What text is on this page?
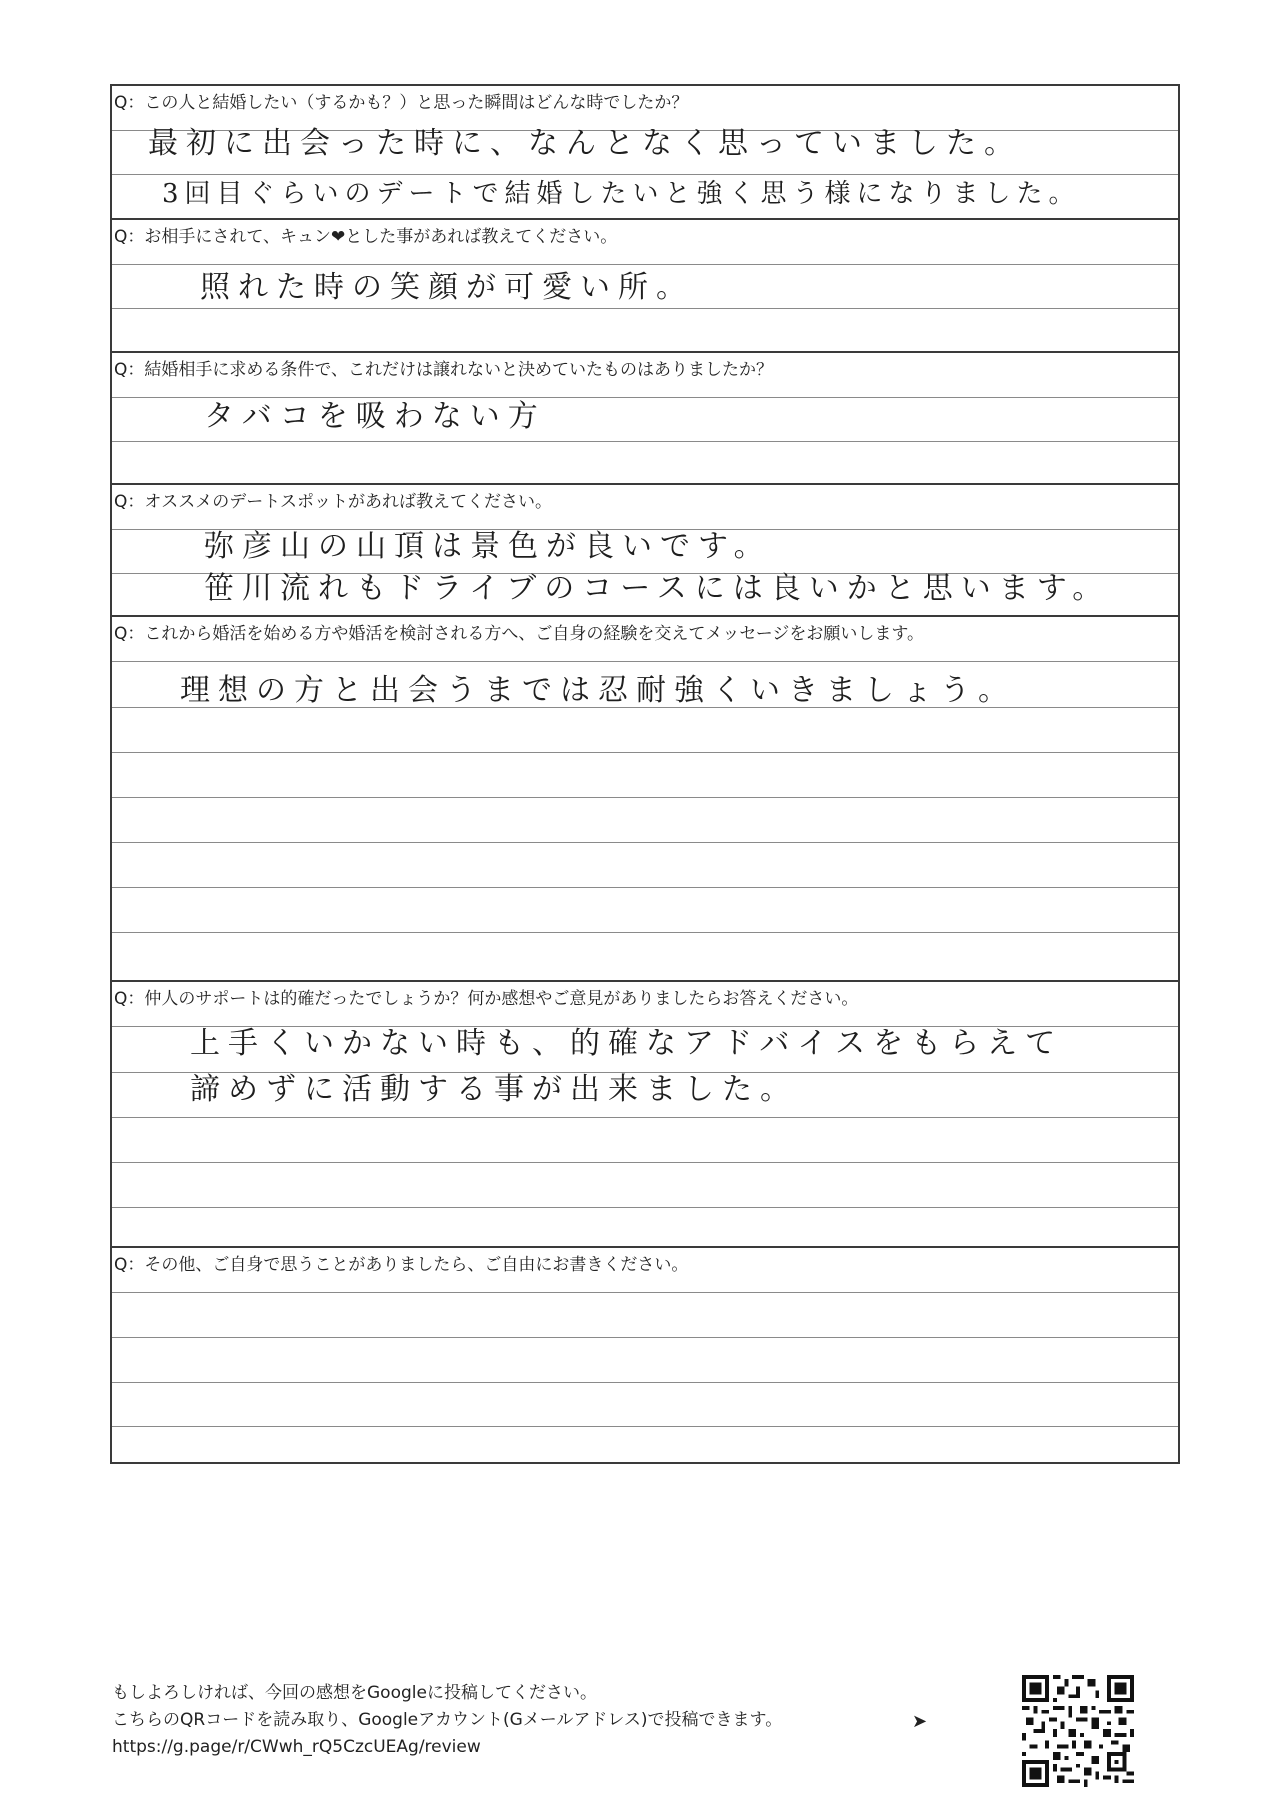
Q：この人と結婚したい（するかも？）と思った瞬間はどんな時でしたか？
最初に出会った時に、なんとなく思っていました。
3回目ぐらいのデートで結婚したいと強く思う様になりました。
Q：お相手にされて、キュン❤とした事があれば教えてください。
照れた時の笑顔が可愛い所。
Q：結婚相手に求める条件で、これだけは譲れないと決めていたものはありましたか？
タバコを吸わない方
Q：オススメのデートスポットがあれば教えてください。
弥彦山の山頂は景色が良いです。
笹川流れもドライブのコースには良いかと思います。
Q：これから婚活を始める方や婚活を検討される方へ、ご自身の経験を交えてメッセージをお願いします。
理想の方と出会うまでは忍耐強くいきましょう。
Q：仲人のサポートは的確だったでしょうか？何か感想やご意見がありましたらお答えください。
上手くいかない時も、的確なアドバイスをもらえて
諦めずに活動する事が出来ました。
Q：その他、ご自身で思うことがありましたら、ご自由にお書きください。
もしよろしければ、今回の感想をGoogleに投稿してください。
こちらのQRコードを読み取り、Googleアカウント(Gメールアドレス)で投稿できます。
https://g.page/r/CWwh_rQ5CzcUEAg/review
➤
